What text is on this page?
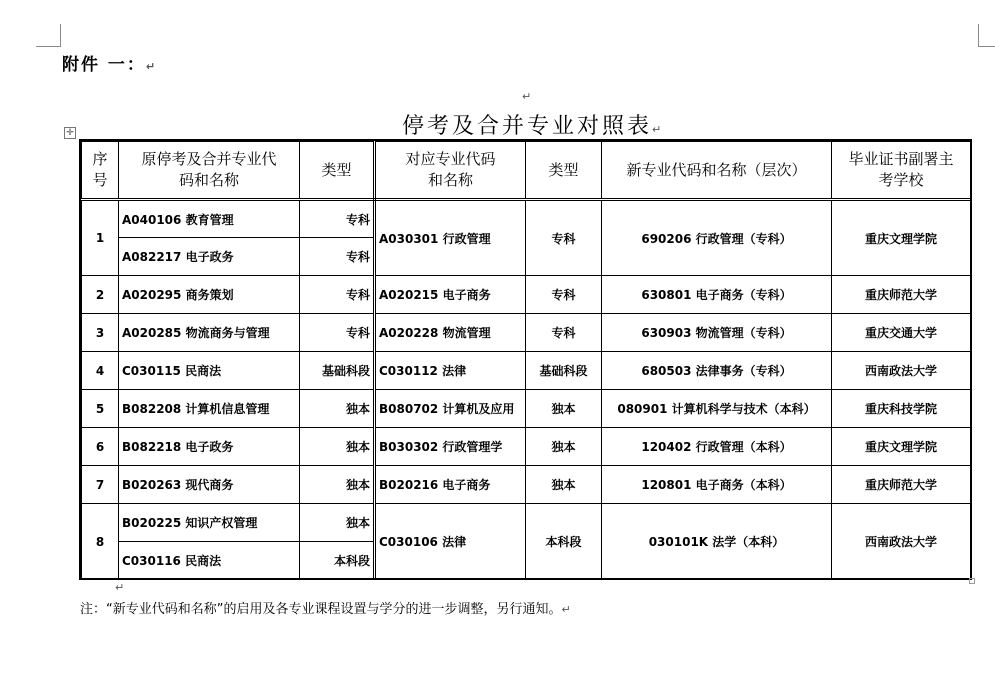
附件 一：↵
↵
停考及合并专业对照表↵
✛
序号	原停考及合并专业代码和名称	类型	对应专业代码和名称	类型	新专业代码和名称（层次）	毕业证书副署主考学校
1	A040106 教育管理	专科	A030301 行政管理	专科	690206 行政管理（专科）	重庆文理学院
	A082217 电子政务	专科				
2	A020295 商务策划	专科	A020215 电子商务	专科	630801 电子商务（专科）	重庆师范大学
3	A020285 物流商务与管理	专科	A020228 物流管理	专科	630903 物流管理（专科）	重庆交通大学
4	C030115 民商法	基础科段	C030112 法律	基础科段	680503 法律事务（专科）	西南政法大学
5	B082208 计算机信息管理	独本	B080702 计算机及应用	独本	080901 计算机科学与技术（本科）	重庆科技学院
6	B082218 电子政务	独本	B030302 行政管理学	独本	120402 行政管理（本科）	重庆文理学院
7	B020263 现代商务	独本	B020216 电子商务	独本	120801 电子商务（本科）	重庆师范大学
8	B020225 知识产权管理	独本	C030106 法律	本科段	030101K 法学（本科）	西南政法大学
	C030116 民商法	本科段				
↵
注：“新专业代码和名称”的启用及各专业课程设置与学分的进一步调整，另行通知。↵
